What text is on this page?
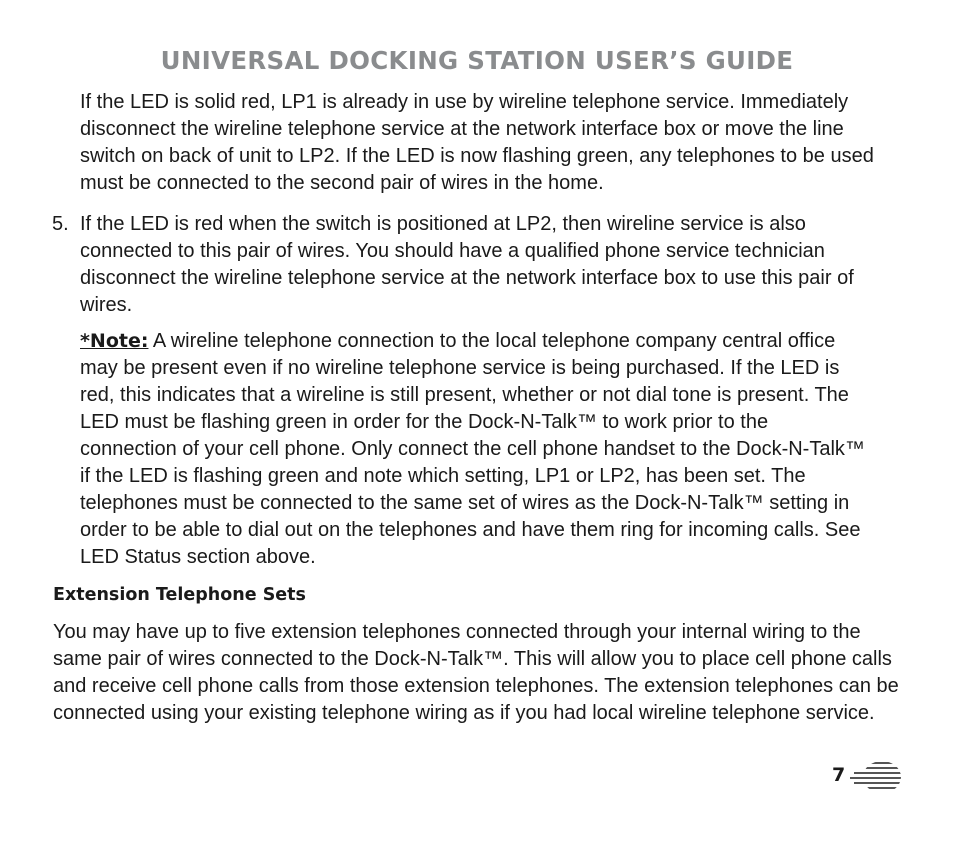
UNIVERSAL DOCKING STATION USER’S GUIDE
If the LED is solid red, LP1 is already in use by wireline telephone service. Immediately disconnect the wireline telephone service at the network interface box or move the line switch on back of unit to LP2. If the LED is now flashing green, any telephones to be used must be connected to the second pair of wires in the home.
5. If the LED is red when the switch is positioned at LP2, then wireline service is also connected to this pair of wires. You should have a qualified phone service technician disconnect the wireline telephone service at the network interface box to use this pair of wires.
*Note: A wireline telephone connection to the local telephone company central office may be present even if no wireline telephone service is being purchased. If the LED is red, this indicates that a wireline is still present, whether or not dial tone is present. The LED must be flashing green in order for the Dock-N-Talk™ to work prior to the connection of your cell phone. Only connect the cell phone handset to the Dock-N-Talk™ if the LED is flashing green and note which setting, LP1 or LP2, has been set. The telephones must be connected to the same set of wires as the Dock-N-Talk™ setting in order to be able to dial out on the telephones and have them ring for incoming calls. See LED Status section above.
Extension Telephone Sets
You may have up to five extension telephones connected through your internal wiring to the same pair of wires connected to the Dock-N-Talk™. This will allow you to place cell phone calls and receive cell phone calls from those extension telephones. The extension telephones can be connected using your existing telephone wiring as if you had local wireline telephone service.
7
